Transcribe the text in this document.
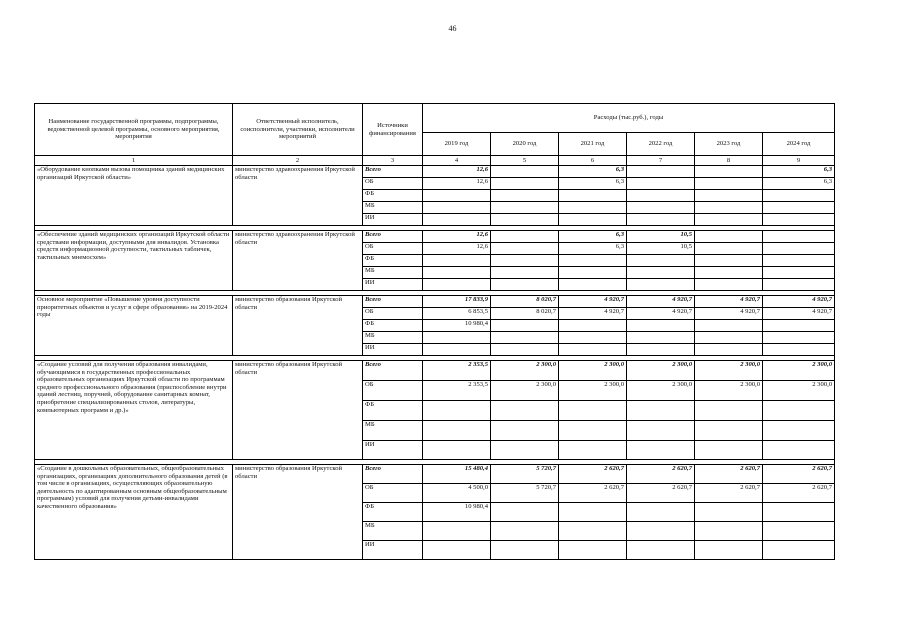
46
Наименование государственной программы, подпрограммы, ведомственной целевой программы, основного мероприятия, мероприятия	Ответственный исполнитель, соисполнители, участники, исполнители мероприятий	Источники финансирования	Расходы (тыс.руб.), годы					
			2019 год	2020 год	2021 год	2022 год	2023 год	2024 год
1	2	3	4	5	6	7	8	9
«Оборудование кнопками вызова помощника зданий медицинских организаций Иркутской области»	министерство здравоохранения Иркутской области	Всего	12,6		6,3			6,3
		ОБ	12,6		6,3			6,3
		ФБ						
		МБ						
		ИИ						

«Обеспечение зданий медицинских организаций Иркутской области средствами информации, доступными для инвалидов. Установка средств информационной доступности, тактильных табличек, тактильных мнемосхем»	министерство здравоохранения Иркутской области	Всего	12,6		6,3	10,5		
		ОБ	12,6		6,3	10,5		
		ФБ						
		МБ						
		ИИ						

Основное мероприятие «Повышение уровня доступности приоритетных объектов и услуг в сфере образования» на 2019-2024 годы	министерство образования Иркутской области	Всего	17 833,9	8 020,7	4 920,7	4 920,7	4 920,7	4 920,7
		ОБ	6 853,5	8 020,7	4 920,7	4 920,7	4 920,7	4 920,7
		ФБ	10 980,4					
		МБ						
		ИИ						

«Создание условий для получения образования инвалидами, обучающимися в государственных профессиональных образовательных организациях Иркутской области по программам среднего профессионального образования (приспособление внутри зданий лестниц, поручней, оборудование санитарных комнат, приобретение специализированных столов, литературы, компьютерных программ и др.)»	министерство образования Иркутской области	Всего	2 353,5	2 300,0	2 300,0	2 300,0	2 300,0	2 300,0
		ОБ	2 353,5	2 300,0	2 300,0	2 300,0	2 300,0	2 300,0
		ФБ						
		МБ						
		ИИ						

«Создание в дошкольных образовательных, общеобразовательных организациях, организациях дополнительного образования детей (в том числе в организациях, осуществляющих образовательную деятельность по адаптированным основным общеобразовательным программам) условий для получения детьми-инвалидами качественного образования»	министерство образования Иркутской области	Всего	15 480,4	5 720,7	2 620,7	2 620,7	2 620,7	2 620,7
		ОБ	4 500,0	5 720,7	2 620,7	2 620,7	2 620,7	2 620,7
		ФБ	10 980,4					
		МБ						
		ИИ						
